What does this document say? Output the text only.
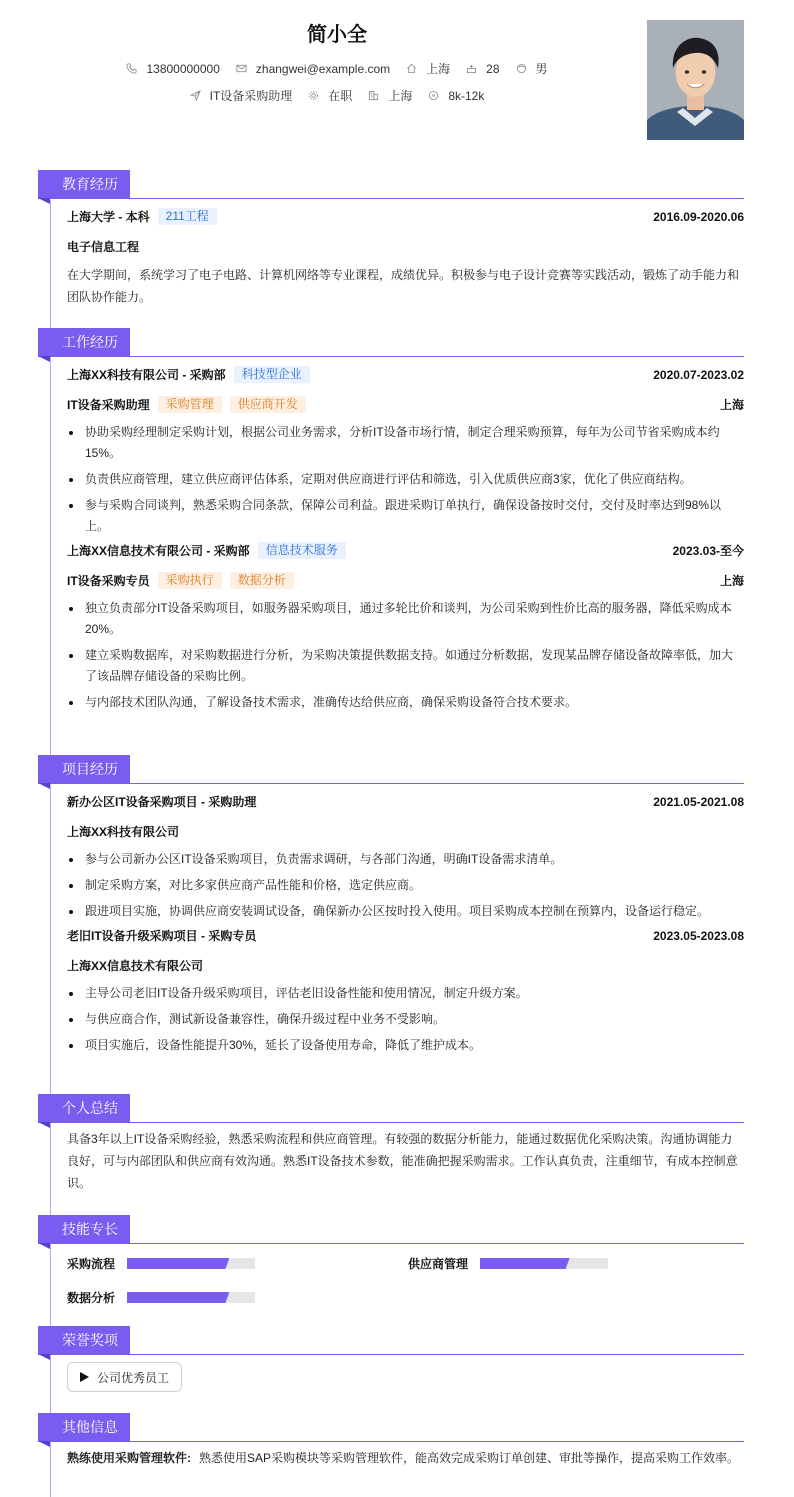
简小全
13800000000	zhangwei@example.com	上海	28	男
IT设备采购助理	在职	上海	8k-12k
教育经历
上海大学 - 本科	211工程	2016.09-2020.06
电子信息工程
在大学期间，系统学习了电子电路、计算机网络等专业课程，成绩优异。积极参与电子设计竞赛等实践活动，锻炼了动手能力和团队协作能力。
工作经历
上海XX科技有限公司 - 采购部	科技型企业	2020.07-2023.02
IT设备采购助理	采购管理	供应商开发	上海
协助采购经理制定采购计划，根据公司业务需求，分析IT设备市场行情，制定合理采购预算，每年为公司节省采购成本约15%。
负责供应商管理，建立供应商评估体系，定期对供应商进行评估和筛选，引入优质供应商3家，优化了供应商结构。
参与采购合同谈判，熟悉采购合同条款，保障公司利益。跟进采购订单执行，确保设备按时交付，交付及时率达到98%以上。
上海XX信息技术有限公司 - 采购部	信息技术服务	2023.03-至今
IT设备采购专员	采购执行	数据分析	上海
独立负责部分IT设备采购项目，如服务器采购项目，通过多轮比价和谈判，为公司采购到性价比高的服务器，降低采购成本20%。
建立采购数据库，对采购数据进行分析，为采购决策提供数据支持。如通过分析数据，发现某品牌存储设备故障率低，加大了该品牌存储设备的采购比例。
与内部技术团队沟通，了解设备技术需求，准确传达给供应商，确保采购设备符合技术要求。
项目经历
新办公区IT设备采购项目 - 采购助理	2021.05-2021.08
上海XX科技有限公司
参与公司新办公区IT设备采购项目，负责需求调研，与各部门沟通，明确IT设备需求清单。
制定采购方案，对比多家供应商产品性能和价格，选定供应商。
跟进项目实施，协调供应商安装调试设备，确保新办公区按时投入使用。项目采购成本控制在预算内，设备运行稳定。
老旧IT设备升级采购项目 - 采购专员	2023.05-2023.08
上海XX信息技术有限公司
主导公司老旧IT设备升级采购项目，评估老旧设备性能和使用情况，制定升级方案。
与供应商合作，测试新设备兼容性，确保升级过程中业务不受影响。
项目实施后，设备性能提升30%，延长了设备使用寿命，降低了维护成本。
个人总结
具备3年以上IT设备采购经验，熟悉采购流程和供应商管理。有较强的数据分析能力，能通过数据优化采购决策。沟通协调能力良好，可与内部团队和供应商有效沟通。熟悉IT设备技术参数，能准确把握采购需求。工作认真负责，注重细节，有成本控制意识。
技能专长
采购流程	供应商管理
数据分析
荣誉奖项
公司优秀员工
其他信息
熟练使用采购管理软件: 熟悉使用SAP采购模块等采购管理软件，能高效完成采购订单创建、审批等操作，提高采购工作效率。
